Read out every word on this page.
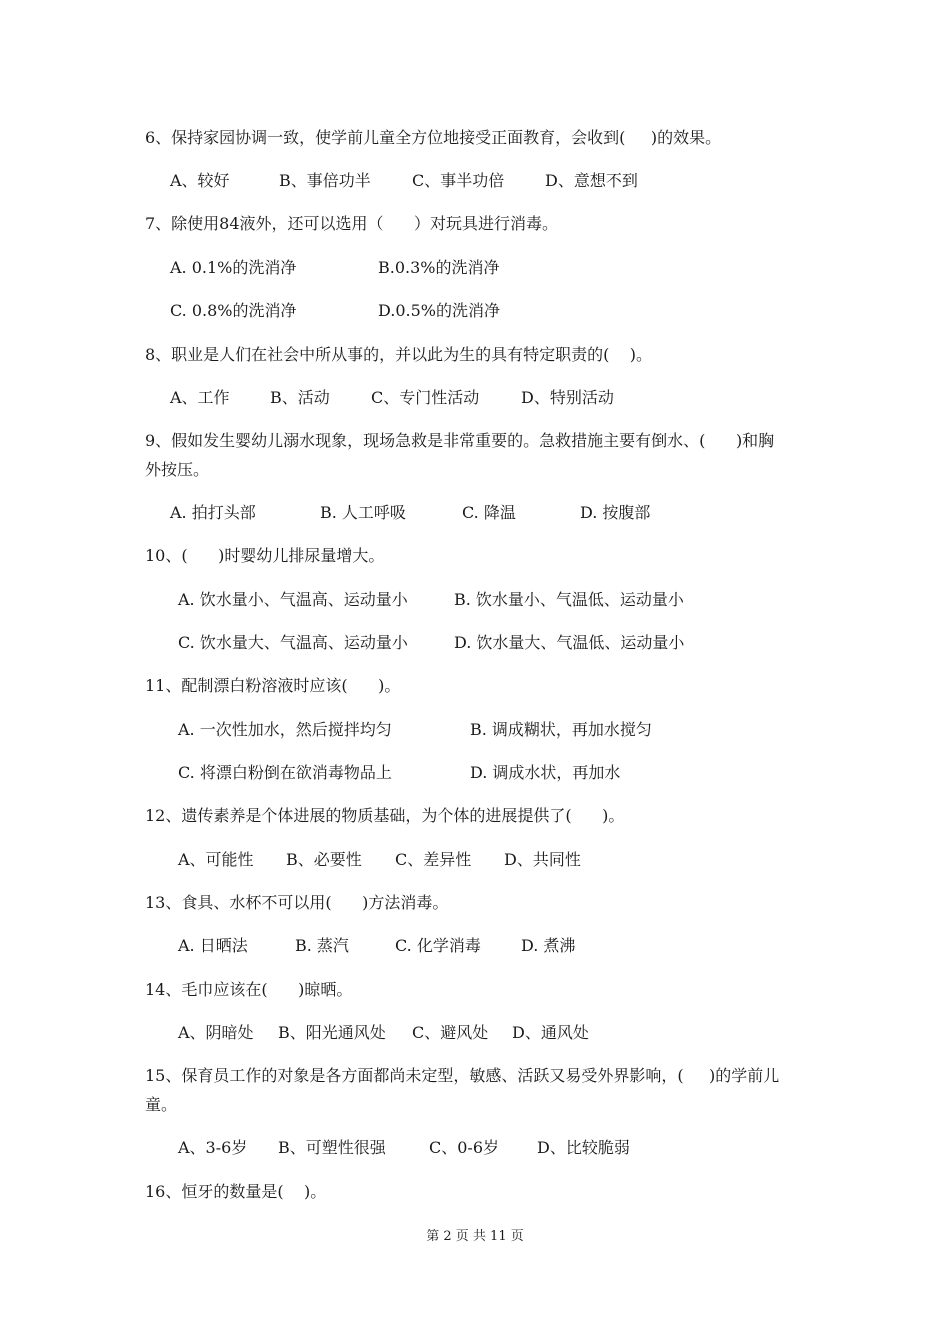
6、保持家园协调一致，使学前儿童全方位地接受正面教育，会收到(     )的效果。
A、较好	B、事倍功半	C、事半功倍	D、意想不到
7、除使用84液外，还可以选用（      ）对玩具进行消毒。
A. 0.1%的洗消净	B.0.3%的洗消净
C. 0.8%的洗消净	D.0.5%的洗消净
8、职业是人们在社会中所从事的，并以此为生的具有特定职责的(    )。
A、工作	B、活动	C、专门性活动	D、特别活动
9、假如发生婴幼儿溺水现象，现场急救是非常重要的。急救措施主要有倒水、(      )和胸
外按压。
A. 拍打头部	B. 人工呼吸	C. 降温	D. 按腹部
10、(      )时婴幼儿排尿量增大。
A. 饮水量小、气温高、运动量小	B. 饮水量小、气温低、运动量小
C. 饮水量大、气温高、运动量小	D. 饮水量大、气温低、运动量小
11、配制漂白粉溶液时应该(      )。
A. 一次性加水，然后搅拌均匀	B. 调成糊状，再加水搅匀
C. 将漂白粉倒在欲消毒物品上	D. 调成水状，再加水
12、遗传素养是个体进展的物质基础，为个体的进展提供了(      )。
A、可能性 B、必要性 C、差异性 D、共同性
13、食具、水杯不可以用(      )方法消毒。
A. 日晒法	B. 蒸汽	C. 化学消毒	D. 煮沸
14、毛巾应该在(      )晾晒。
A、阴暗处 B、阳光通风处 C、避风处 D、通风处
15、保育员工作的对象是各方面都尚未定型，敏感、活跃又易受外界影响，(     )的学前儿
童。
A、3-6岁 B、可塑性很强	C、0-6岁 D、比较脆弱
16、恒牙的数量是(    )。
第 2 页 共 11 页
